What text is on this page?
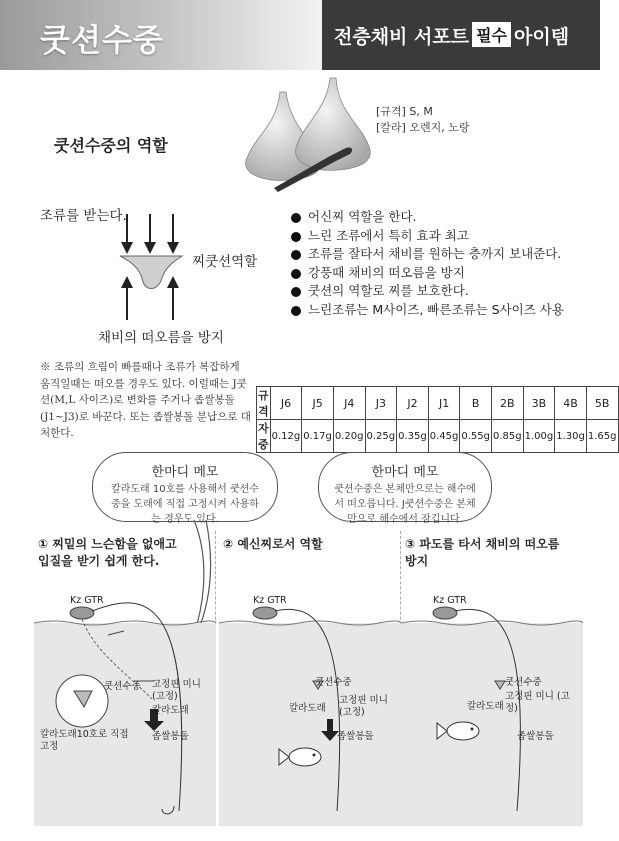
쿳션수중	전층채비 서포트 필수 아이템
[규격] S, M
[칼라] 오렌지, 노랑
쿳션수중의 역할
조류를 받는다.
찌쿳션역할
채비의 떠오름을 방지
어신찌 역할을 한다.
느린 조류에서 특히 효과 최고
조류를 잘타서 채비를 원하는 층까지 보내준다.
강풍때 채비의 떠오름을 방지
쿳션의 역할로 찌를 보호한다.
느린조류는 M사이즈, 빠른조류는 S사이즈 사용
※ 조류의 흐림이 빠를때나 조류가 복잡하게 움직일때는 떠오를 경우도 있다. 이럴때는 J쿳션(M,L 사이즈)로 변화를 주거나 좁쌀봉돌(J1~J3)로 바꾼다. 또는 좁쌀봉돌 분납으로 대처한다.
규격	J6	J5	J4	J3	J2	J1	B	2B	3B	4B	5B
자중	0.12g	0.17g	0.20g	0.25g	0.35g	0.45g	0.55g	0.85g	1.00g	1.30g	1.65g
한마디 메모
칼라도래 10호를 사용해서 쿳션수중을 도래에 직접 고정시켜 사용하는 경우도 있다.
한마디 메모
쿳션수중은 본체만으로는 해수에서 떠오릅니다. J쿳션수중은 본체만으로 해수에서 잠깁니다.
① 찌밑의 느슨함을 없애고 입질을 받기 쉽게 한다.
Kz GTR
쿳션수중 고정핀 미니 (고정)
칼라도래
좁쌀봉돌
칼라도래10호로 직접고정
② 예신찌로서 역할
Kz GTR
쿳션수중
고정핀 미니 (고정)
칼라도래
좁쌀봉돌
③ 파도를 타서 채비의 떠오름 방지
Kz GTR
쿳션수중
고정핀 미니 (고정)
칼라도래
좁쌀봉돌
